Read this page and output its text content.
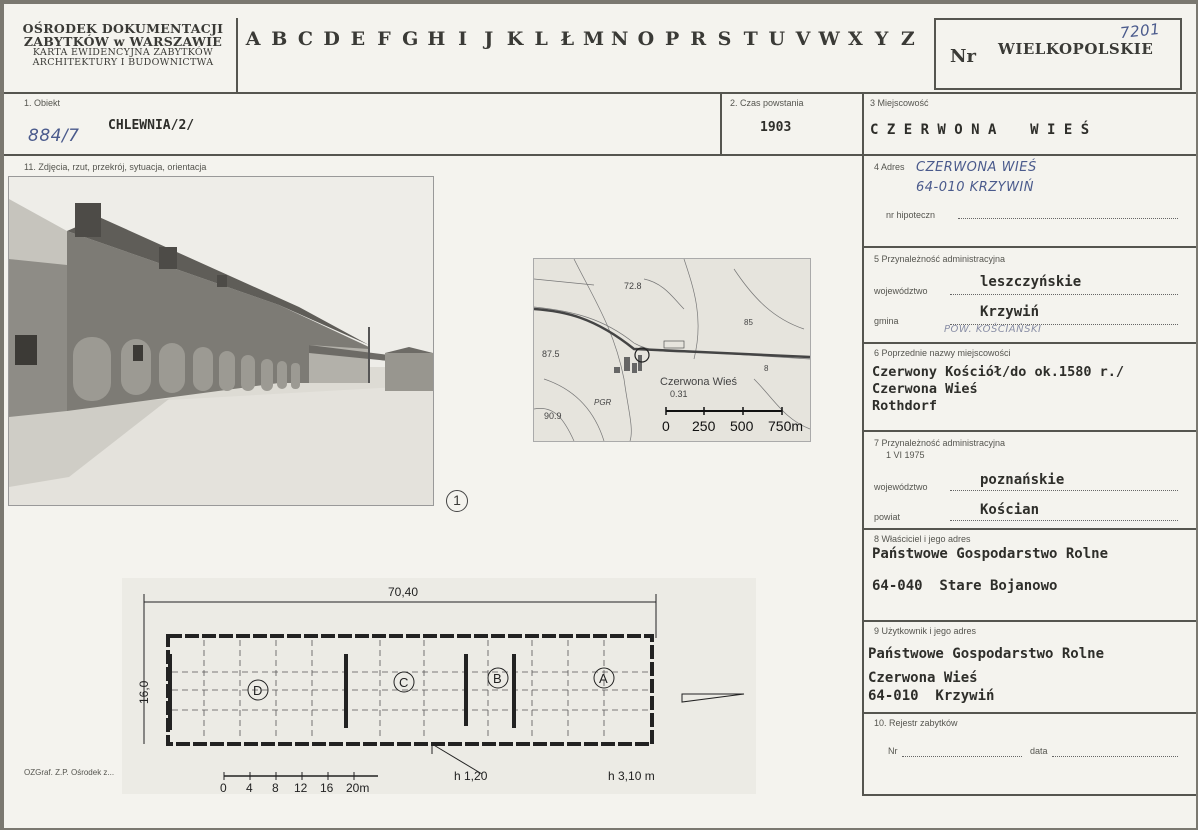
OŚRODEK DOKUMENTACJI
ZABYTKÓW w WARSZAWIE
KARTA EWIDENCYJNA ZABYTKÓW
ARCHITEKTURY I BUDOWNICTWA
A B C D E F G H I J K L Ł M N O P R S T U V W X Y Z
Nr WIELKOPOLSKIE
7201
1. Obiekt
884/7
CHLEWNIA/2/
2. Czas powstania
1903
3 Miejscowość
C Z E R W O N A    W I E Ś
11. Zdjęcia, rzut, przekrój, sytuacja, orientacja
1
72.8
87.5
Czerwona Wieś
0.31
PGR
90.9
85
8
0 250 500 750m
70,40
16,0	D
C	B	A
h 1,20	h 3,10 m
0 4 8 12 16 20m
OZGraf. Z.P. Ośrodek z...
4 Adres CZERWONA WIEŚ
64-010 KRZYWIŃ
nr hipoteczn
5 Przynależność administracyjna
województwo
leszczyńskie
gmina
Krzywiń
POW. KOŚCIAŃSKI
6 Poprzednie nazwy miejscowości
Czerwony Kościół/do ok.1580 r./
Czerwona Wieś
Rothdorf
7 Przynależność administracyjna
1 VI 1975
województwo	poznańskie
powiat	Kościan
8 Właściciel i jego adres
Państwowe Gospodarstwo Rolne
64-040  Stare Bojanowo
9 Użytkownik i jego adres
Państwowe Gospodarstwo Rolne
Czerwona Wieś
64-010  Krzywiń
10. Rejestr zabytków
Nr	data
